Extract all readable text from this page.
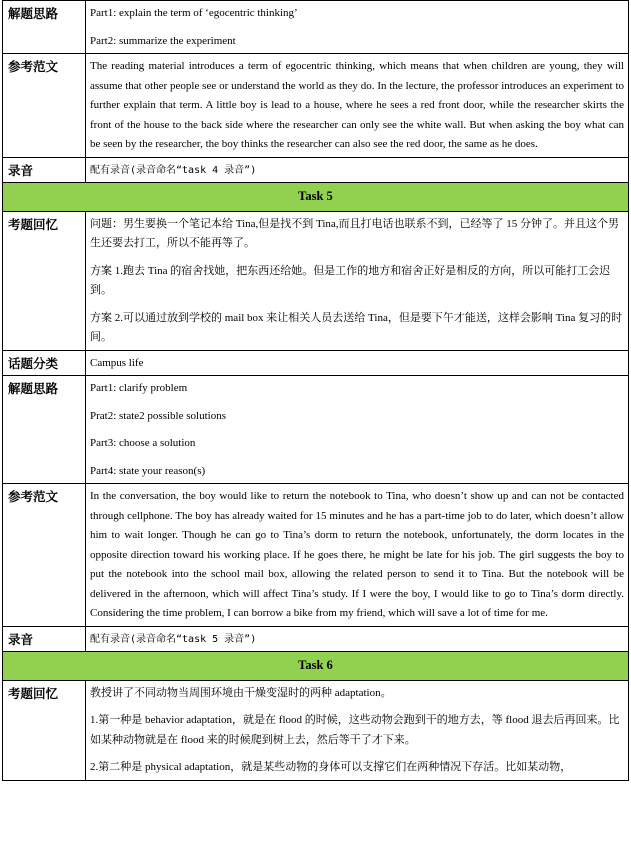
解题思路	Part1: explain the term of ‘egocentric thinking’

Part2: summarize the experiment

参考范文	The reading material introduces a term of egocentric thinking, which means that when children are young, they will assume that other people see or understand the world as they do. In the lecture, the professor introduces an experiment to further explain that term. A little boy is lead to a house, where he sees a red front door, while the researcher skirts the front of the house to the back side where the researcher can only see the white wall. But when asking the boy what can be seen by the researcher, the boy thinks the researcher can also see the red door, the same as he does.
录音	配有录音(录音命名“task 4 录音”)
Task 5	
考题回忆	问题：男生要换一个笔记本给 Tina,但是找不到 Tina,而且打电话也联系不到，已经等了 15 分钟了。并且这个男生还要去打工，所以不能再等了。

方案 1.跑去 Tina 的宿舍找她，把东西还给她。但是工作的地方和宿舍正好是相反的方向，所以可能打工会迟到。

方案 2.可以通过放到学校的 mail box 来让相关人员去送给 Tina，但是要下午才能送，这样会影响 Tina 复习的时间。

话题分类	Campus life
解题思路	Part1: clarify problem

Prat2: state2 possible solutions

Part3: choose a solution

Part4: state your reason(s)

参考范文	In the conversation, the boy would like to return the notebook to Tina, who doesn’t show up and can not be contacted through cellphone. The boy has already waited for 15 minutes and he has a part-time job to do later, which doesn’t allow him to wait longer. Though he can go to Tina’s dorm to return the notebook, unfortunately, the dorm locates in the opposite direction toward his working place. If he goes there, he might be late for his job. The girl suggests the boy to put the notebook into the school mail box, allowing the related person to send it to Tina. But the notebook will be delivered in the afternoon, which will affect Tina’s study. If I were the boy, I would like to go to Tina’s dorm directly. Considering the time problem, I can borrow a bike from my friend, which will save a lot of time for me.
录音	配有录音(录音命名“task 5 录音”)
Task 6	
考题回忆	教授讲了不同动物当周围环境由干燥变湿时的两种 adaptation。

1.第一种是 behavior adaptation，就是在 flood 的时候，这些动物会跑到干的地方去，等 flood 退去后再回来。比如某种动物就是在 flood 来的时候爬到树上去，然后等干了才下来。

2.第二种是 physical adaptation，就是某些动物的身体可以支撑它们在两种情况下存活。比如某动物，
